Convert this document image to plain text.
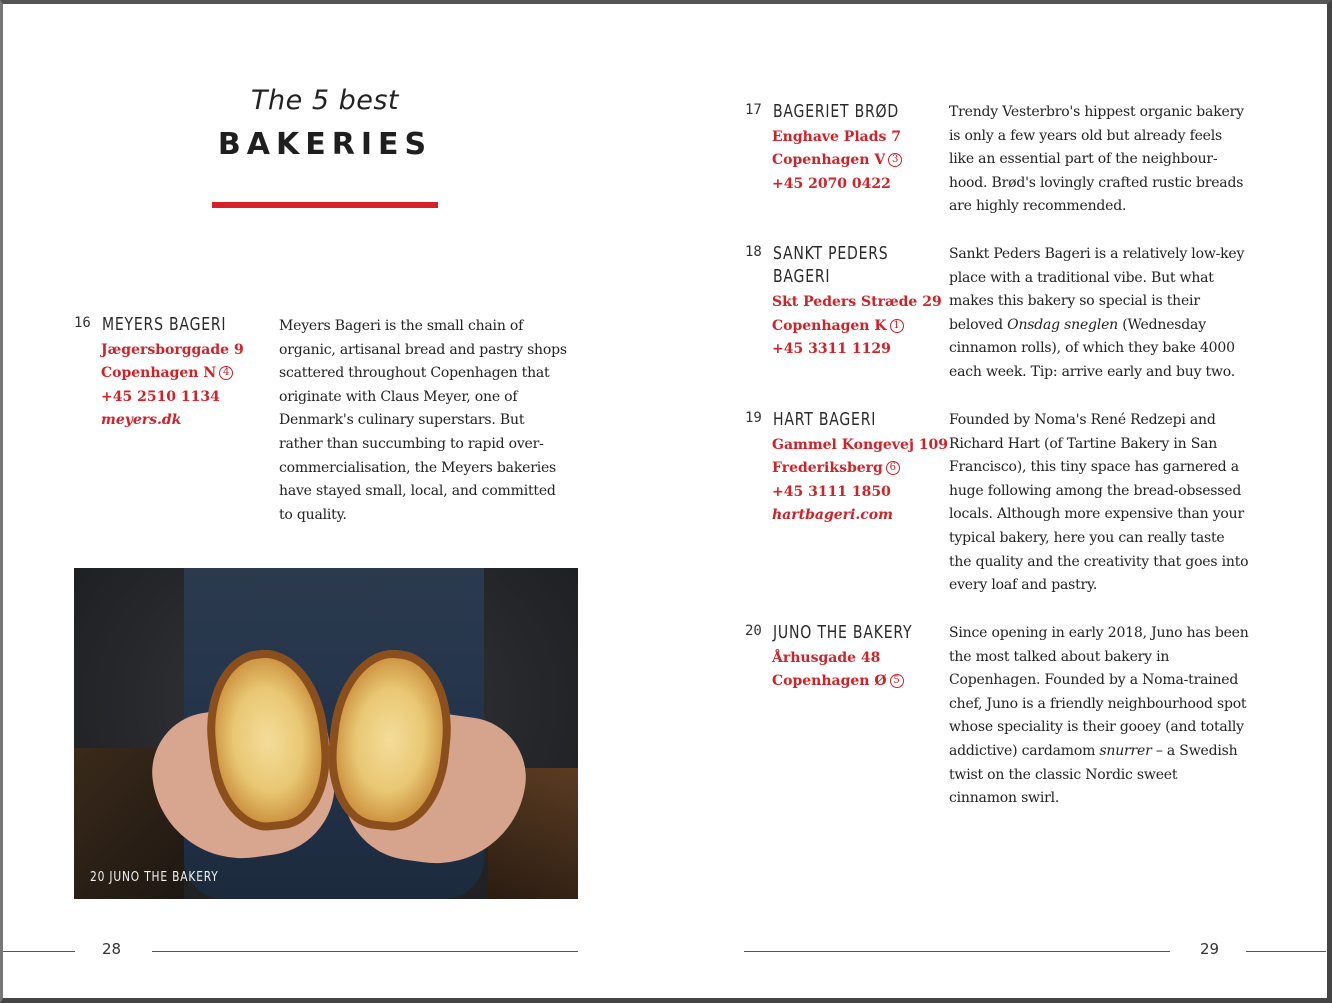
The 5 best
BAKERIES
16 MEYERS BAGERI
Jægersborggade 9
Copenhagen N 4
+45 2510 1134
meyers.dk
Meyers Bageri is the small chain of organic, artisanal bread and pastry shops scattered throughout Copenhagen that originate with Claus Meyer, one of Denmark's culinary superstars. But rather than succumbing to rapid over-commercialisation, the Meyers bakeries have stayed small, local, and committed to quality.
20 JUNO THE BAKERY
17 BAGERIET BRØD
Enghave Plads 7
Copenhagen V 3
+45 2070 0422
Trendy Vesterbro's hippest organic bakery is only a few years old but already feels like an essential part of the neighbour-hood. Brød's lovingly crafted rustic breads are highly recommended.
18 SANKT PEDERS
BAGERI
Skt Peders Stræde 29
Copenhagen K 1
+45 3311 1129
Sankt Peders Bageri is a relatively low-key place with a traditional vibe. But what makes this bakery so special is their beloved Onsdag sneglen (Wednesday cinnamon rolls), of which they bake 4000 each week. Tip: arrive early and buy two.
19 HART BAGERI
Gammel Kongevej 109
Frederiksberg 6
+45 3111 1850
hartbageri.com
Founded by Noma's René Redzepi and Richard Hart (of Tartine Bakery in San Francisco), this tiny space has garnered a huge following among the bread-obsessed locals. Although more expensive than your typical bakery, here you can really taste the quality and the creativity that goes into every loaf and pastry.
20 JUNO THE BAKERY
Århusgade 48
Copenhagen Ø 5
Since opening in early 2018, Juno has been the most talked about bakery in Copenhagen. Founded by a Noma-trained chef, Juno is a friendly neighbourhood spot whose speciality is their gooey (and totally addictive) cardamom snurrer – a Swedish twist on the classic Nordic sweet cinnamon swirl.
28	29
